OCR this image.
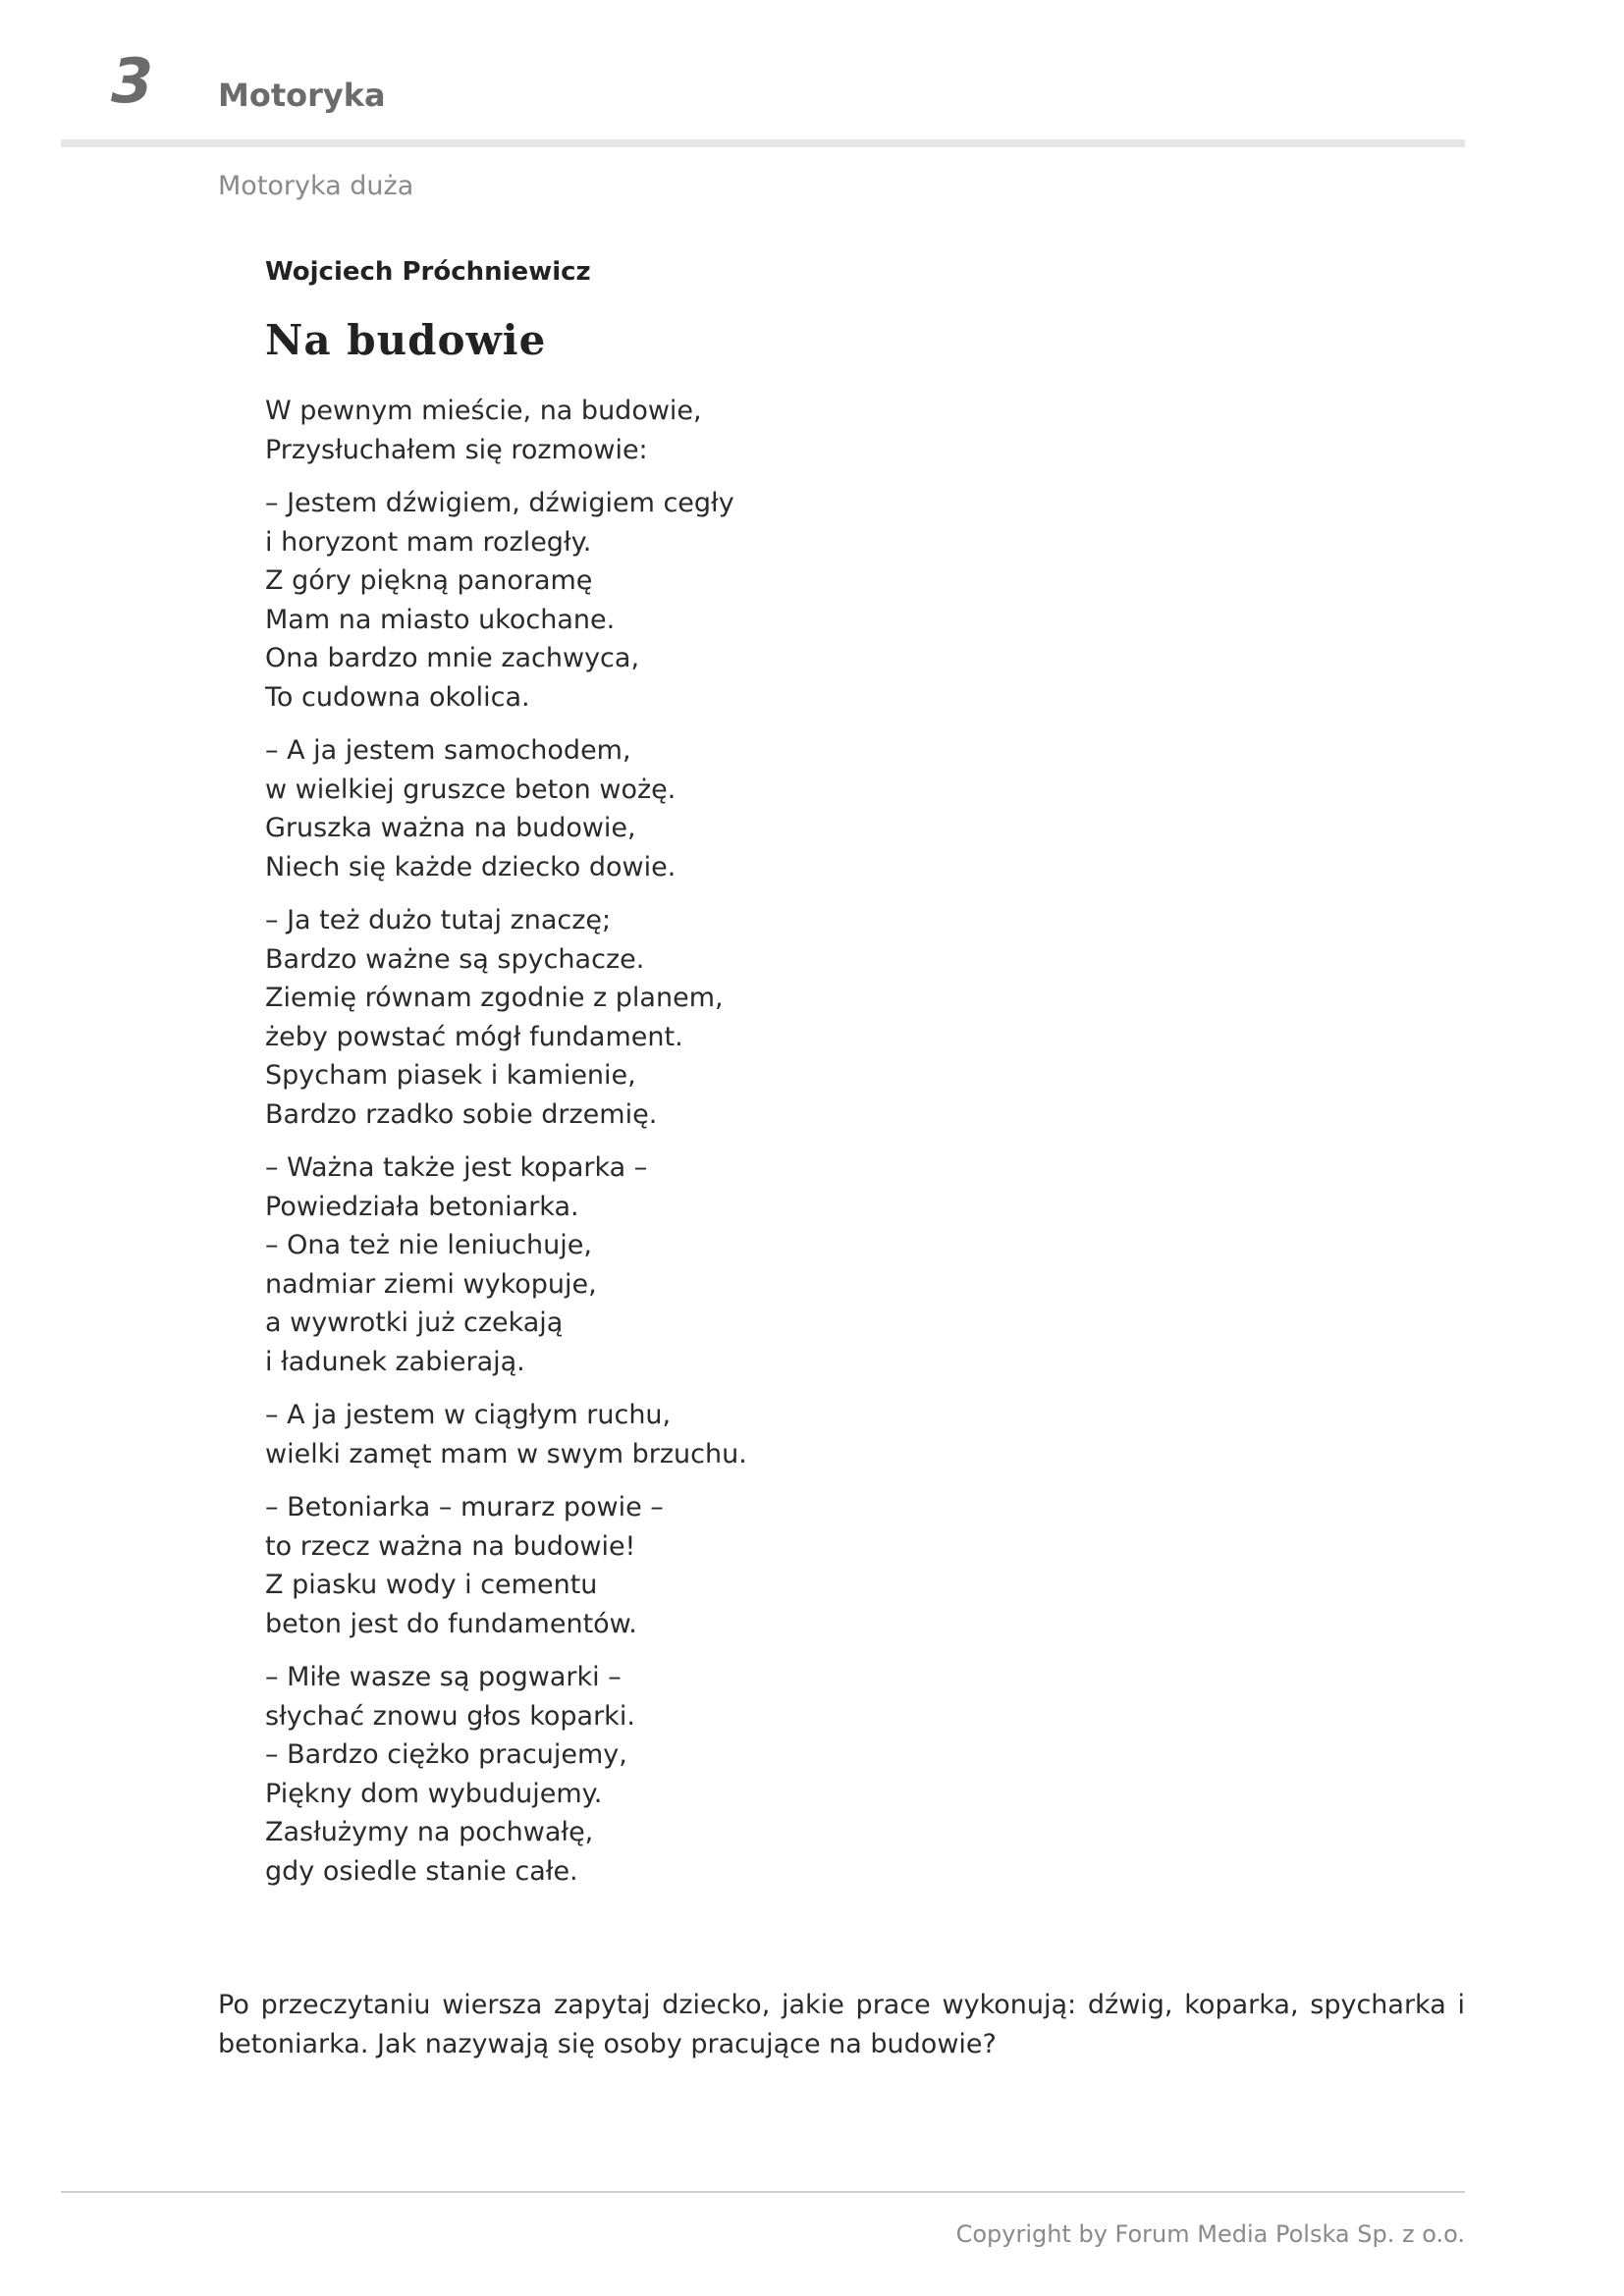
3 Motoryka
Motoryka duża
Wojciech Próchniewicz
Na budowie
W pewnym mieście, na budowie,
Przysłuchałem się rozmowie:
– Jestem dźwigiem, dźwigiem cegły
i horyzont mam rozległy.
Z góry piękną panoramę
Mam na miasto ukochane.
Ona bardzo mnie zachwyca,
To cudowna okolica.
– A ja jestem samochodem,
w wielkiej gruszce beton wożę.
Gruszka ważna na budowie,
Niech się każde dziecko dowie.
– Ja też dużo tutaj znaczę;
Bardzo ważne są spychacze.
Ziemię równam zgodnie z planem,
żeby powstać mógł fundament.
Spycham piasek i kamienie,
Bardzo rzadko sobie drzemię.
– Ważna także jest koparka –
Powiedziała betoniarka.
– Ona też nie leniuchuje,
nadmiar ziemi wykopuje,
a wywrotki już czekają
i ładunek zabierają.
– A ja jestem w ciągłym ruchu,
wielki zamęt mam w swym brzuchu.
– Betoniarka – murarz powie –
to rzecz ważna na budowie!
Z piasku wody i cementu
beton jest do fundamentów.
– Miłe wasze są pogwarki –
słychać znowu głos koparki.
– Bardzo ciężko pracujemy,
Piękny dom wybudujemy.
Zasłużymy na pochwałę,
gdy osiedle stanie całe.
Po przeczytaniu wiersza zapytaj dziecko, jakie prace wykonują: dźwig, koparka, spycharka i betoniarka. Jak nazywają się osoby pracujące na budowie?
Copyright by Forum Media Polska Sp. z o.o.
